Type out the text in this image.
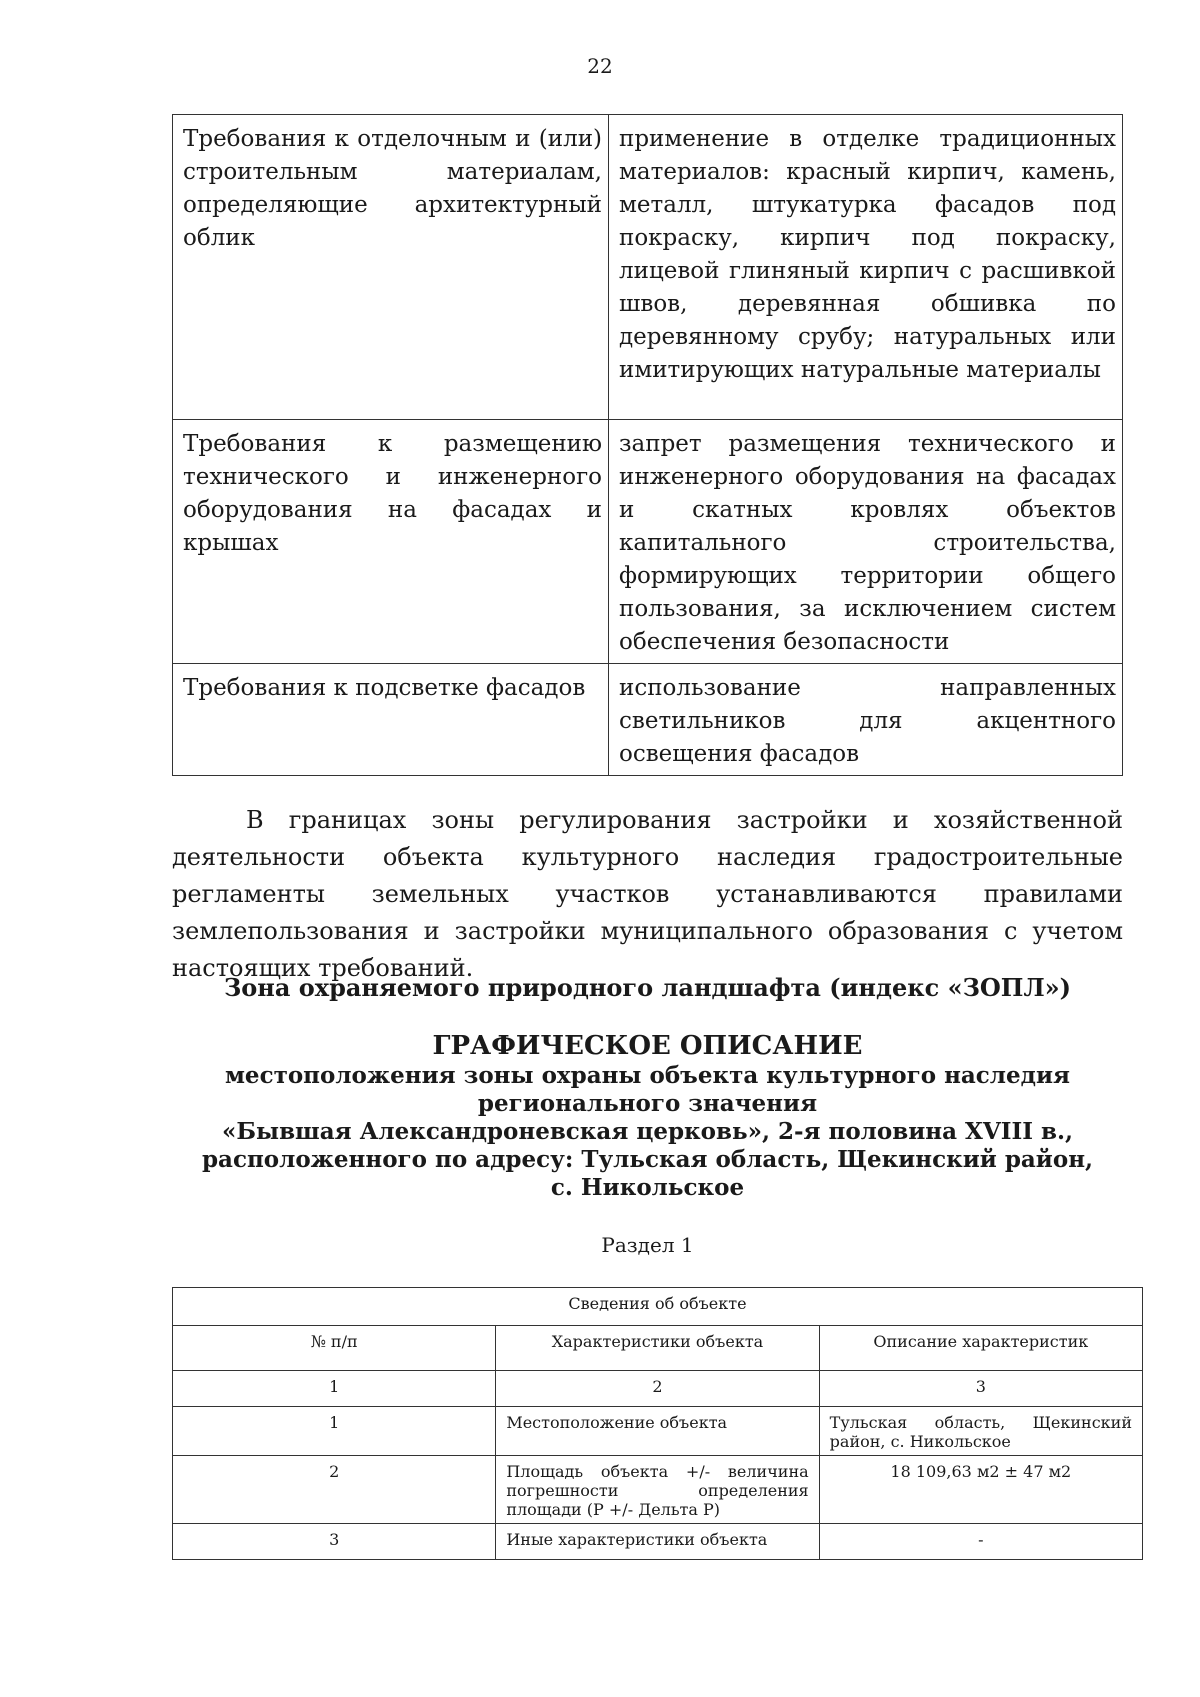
22
Требования к отделочным и (или) строительным материалам, определяющие архитектурный облик	применение в отделке традиционных материалов: красный кирпич, камень, металл, штукатурка фасадов под покраску, кирпич под покраску, лицевой глиняный кирпич с расшивкой швов, деревянная обшивка по деревянному срубу; натуральных или имитирующих натуральные материалы
Требования к размещению технического и инженерного оборудования на фасадах и крышах	запрет размещения технического и инженерного оборудования на фасадах и скатных кровлях объектов капитального строительства, формирующих территории общего пользования, за исключением систем обеспечения безопасности
Требования к подсветке фасадов	использование направленных светильников для акцентного освещения фасадов

В границах зоны регулирования застройки и хозяйственной деятельности объекта культурного наследия градостроительные регламенты земельных участков устанавливаются правилами землепользования и застройки муниципального образования с учетом настоящих требований.

Зона охраняемого природного ландшафта (индекс «ЗОПЛ»)

ГРАФИЧЕСКОЕ ОПИСАНИЕ
местоположения зоны охраны объекта культурного наследия
регионального значения
«Бывшая Александроневская церковь», 2-я половина XVIII в.,
расположенного по адресу: Тульская область, Щекинский район,
с. Никольское
Раздел 1
Сведения об объекте		
№ п/п	Характеристики объекта	Описание характеристик
1	2	3
1	Местоположение объекта	Тульская область, Щекинский район, с. Никольское
2	Площадь объекта +/- величина погрешности определения площади (Р +/- Дельта Р)	18 109,63 м2 ± 47 м2
3	Иные характеристики объекта	-
